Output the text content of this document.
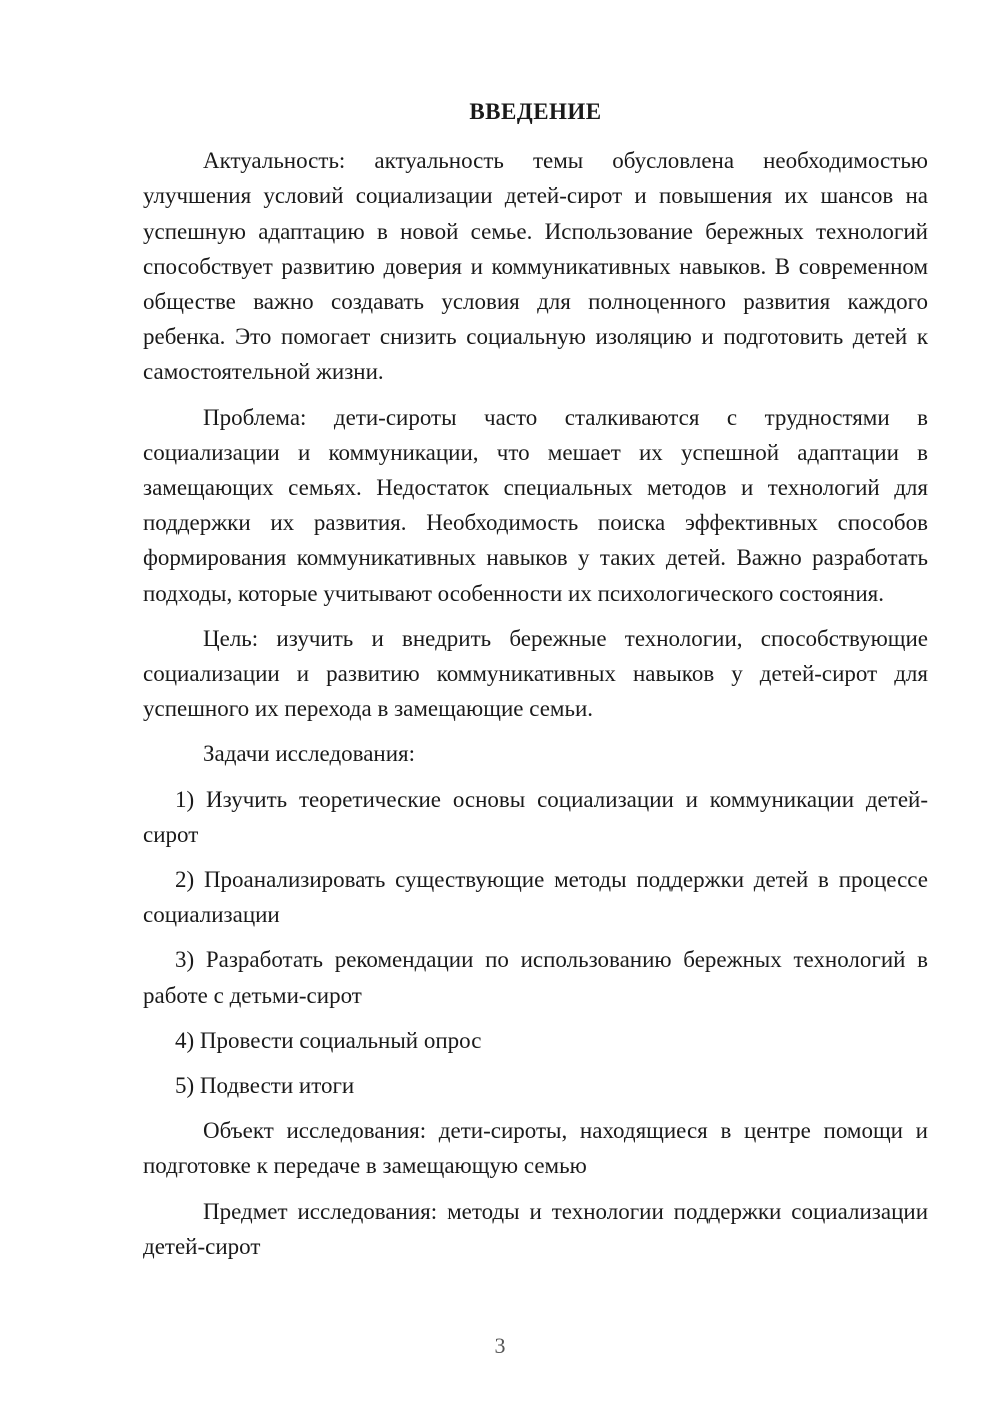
ВВЕДЕНИЕ

Актуальность: актуальность темы обусловлена необходимостью улучшения условий социализации детей-сирот и повышения их шансов на успешную адаптацию в новой семье. Использование бережных технологий способствует развитию доверия и коммуникативных навыков. В современном обществе важно создавать условия для полноценного развития каждого ребенка. Это помогает снизить социальную изоляцию и подготовить детей к самостоятельной жизни.

Проблема: дети-сироты часто сталкиваются с трудностями в социализации и коммуникации, что мешает их успешной адаптации в замещающих семьях. Недостаток специальных методов и технологий для поддержки их развития. Необходимость поиска эффективных способов формирования коммуникативных навыков у таких детей. Важно разработать подходы, которые учитывают особенности их психологического состояния.

Цель: изучить и внедрить бережные технологии, способствующие социализации и развитию коммуникативных навыков у детей-сирот для успешного их перехода в замещающие семьи.

Задачи исследования:

1) Изучить теоретические основы социализации и коммуникации детей-сирот

2) Проанализировать существующие методы поддержки детей в процессе социализации

3) Разработать рекомендации по использованию бережных технологий в работе с детьми-сирот

4) Провести социальный опрос

5) Подвести итоги

Объект исследования: дети-сироты, находящиеся в центре помощи и подготовке к передаче в замещающую семью

Предмет исследования: методы и технологии поддержки социализации детей-сирот

3
